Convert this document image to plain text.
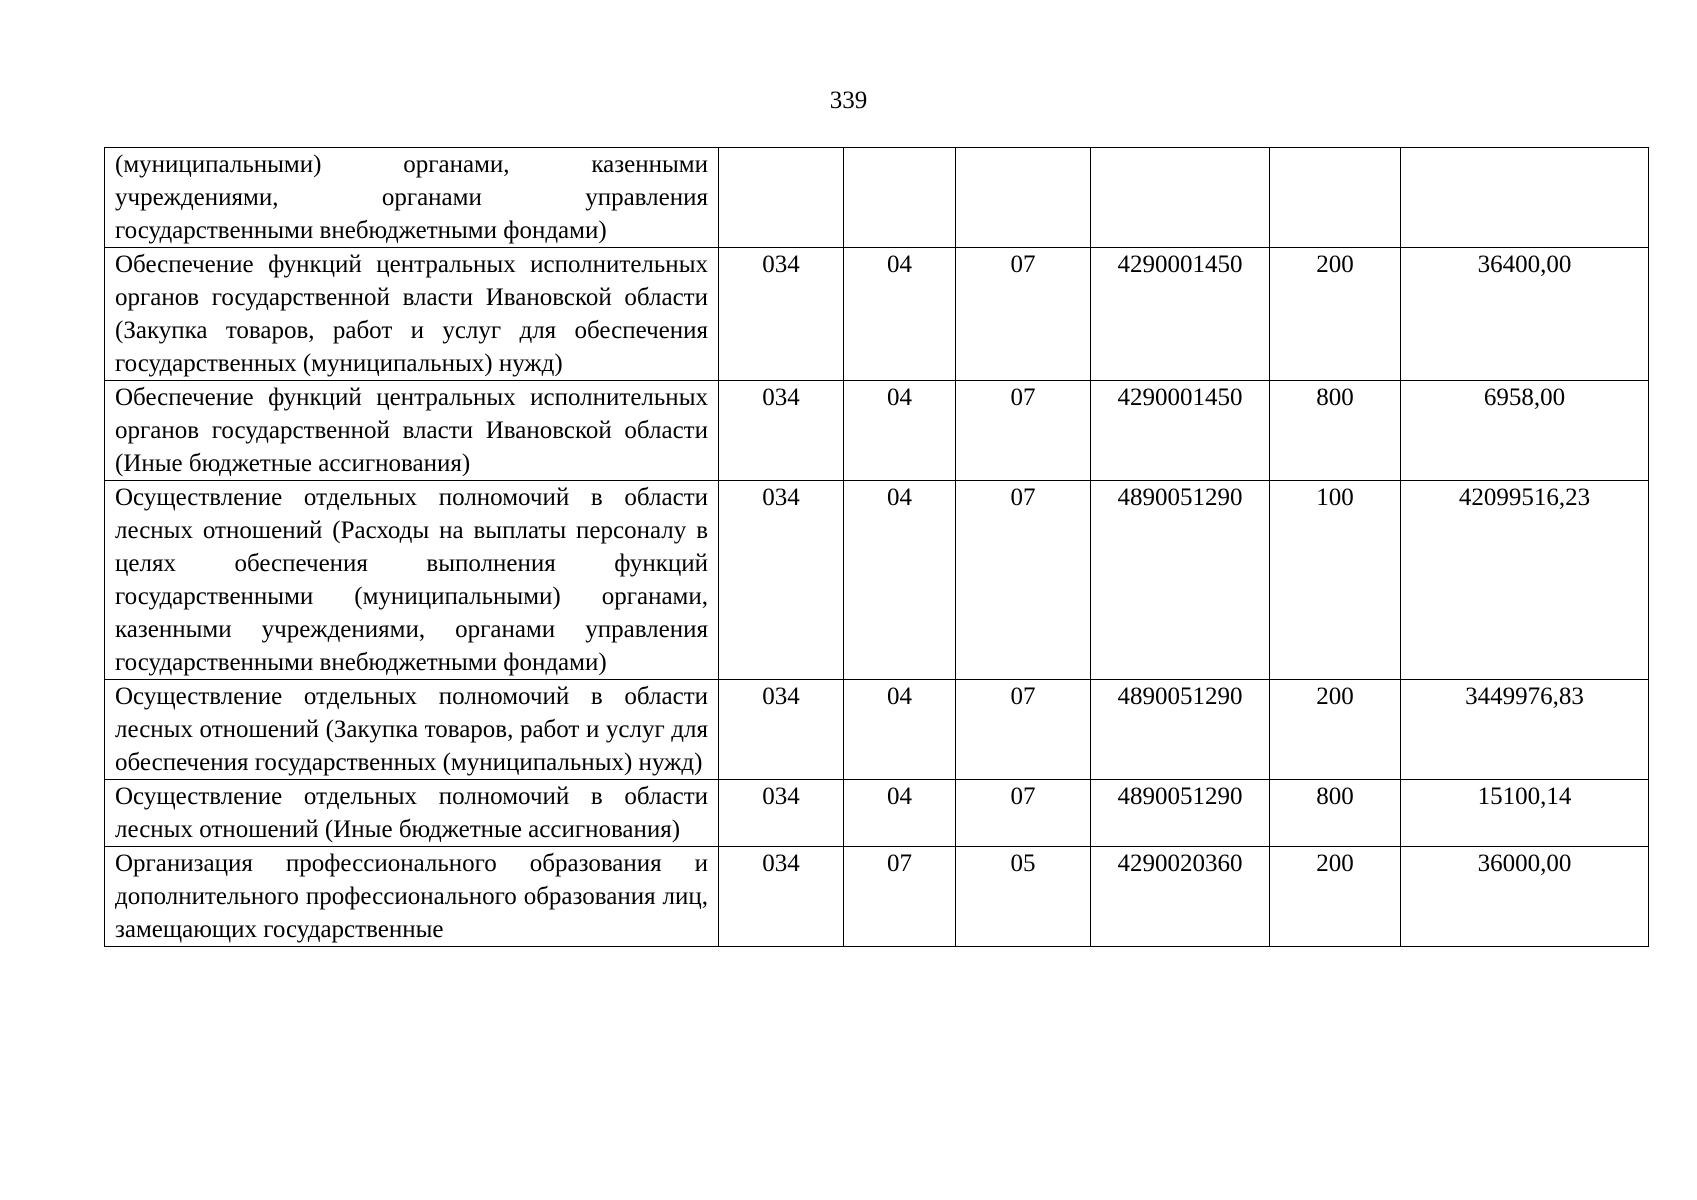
339
(муниципальными) органами, казенными учреждениями, органами управления государственными внебюджетными фондами)						
Обеспечение функций центральных исполнительных органов государственной власти Ивановской области (Закупка товаров, работ и услуг для обеспечения государственных (муниципальных) нужд)	034	04	07	4290001450	200	36400,00
Обеспечение функций центральных исполнительных органов государственной власти Ивановской области (Иные бюджетные ассигнования)	034	04	07	4290001450	800	6958,00
Осуществление отдельных полномочий в области лесных отношений (Расходы на выплаты персоналу в целях обеспечения выполнения функций государственными (муниципальными) органами, казенными учреждениями, органами управления государственными внебюджетными фондами)	034	04	07	4890051290	100	42099516,23
Осуществление отдельных полномочий в области лесных отношений (Закупка товаров, работ и услуг для обеспечения государственных (муниципальных) нужд)	034	04	07	4890051290	200	3449976,83
Осуществление отдельных полномочий в области лесных отношений (Иные бюджетные ассигнования)	034	04	07	4890051290	800	15100,14
Организация профессионального образования и дополнительного профессионального образования лиц, замещающих государственные	034	07	05	4290020360	200	36000,00
